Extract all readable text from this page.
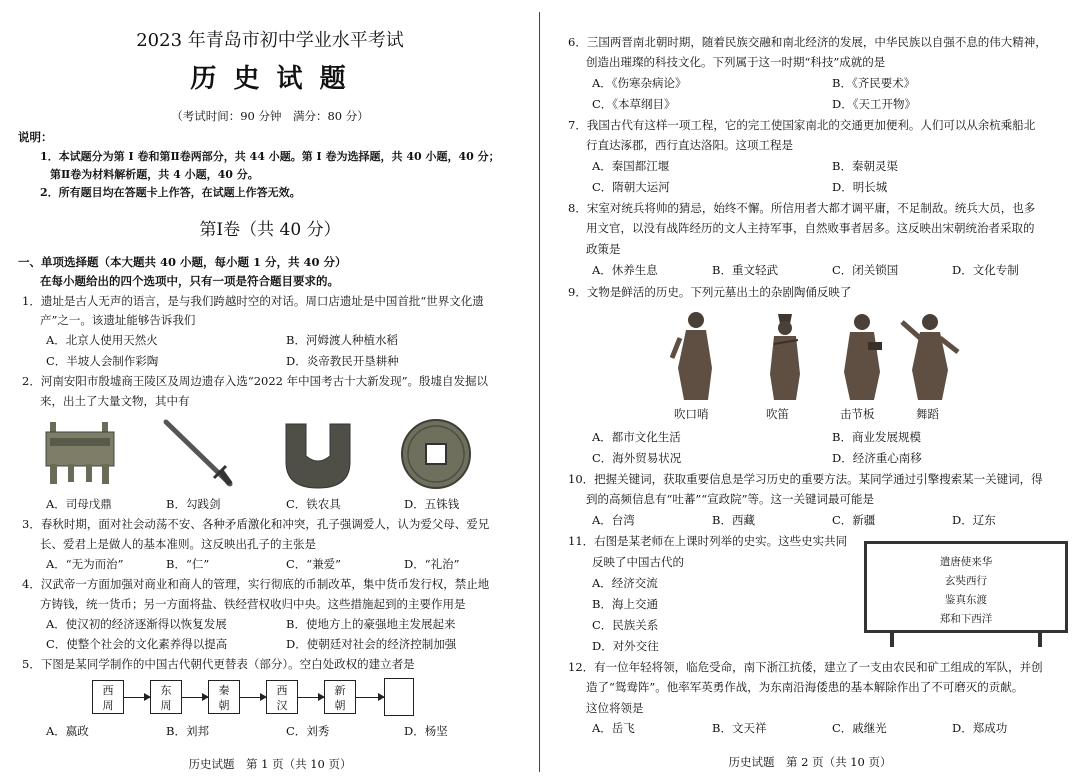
2023 年青岛市初中学业水平考试
历 史 试 题
（考试时间：90 分钟　满分：80 分）
说明：
1．本试题分为第 Ⅰ 卷和第Ⅱ卷两部分，共 44 小题。第 Ⅰ 卷为选择题，共 40 小题，40 分；
第Ⅱ卷为材料解析题，共 4 小题，40 分。
2．所有题目均在答题卡上作答，在试题上作答无效。
第Ⅰ卷（共 40 分）
一、单项选择题（本大题共 40 小题，每小题 1 分，共 40 分）
在每小题给出的四个选项中，只有一项是符合题目要求的。
1．遗址是古人无声的语言，是与我们跨越时空的对话。周口店遗址是中国首批“世界文化遗
产”之一。该遗址能够告诉我们
A．北京人使用天然火	B．河姆渡人种植水稻
C．半坡人会制作彩陶	D．炎帝教民开垦耕种
2．河南安阳市殷墟商王陵区及周边遗存入选“2022 年中国考古十大新发现”。殷墟自发掘以
来，出土了大量文物，其中有
A．司母戊鼎	B．勾践剑	C．铁农具	D．五铢钱
3．春秋时期，面对社会动荡不安、各种矛盾激化和冲突，孔子强调爱人，认为爱父母、爱兄
长、爱君上是做人的基本准则。这反映出孔子的主张是
A．“无为而治”	B．“仁”	C．“兼爱”	D．“礼治”
4．汉武帝一方面加强对商业和商人的管理，实行彻底的币制改革，集中货币发行权，禁止地
方铸钱，统一货币；另一方面将盐、铁经营权收归中央。这些措施起到的主要作用是
A．使汉初的经济逐渐得以恢复发展	B．使地方上的豪强地主发展起来
C．使整个社会的文化素养得以提高	D．使朝廷对社会的经济控制加强
5．下图是某同学制作的中国古代朝代更替表（部分）。空白处政权的建立者是
西
周
东
周
秦
朝
西
汉
新
朝
A．嬴政	B．刘邦	C．刘秀	D．杨坚
历史试题　第 1 页（共 10 页）
6．三国两晋南北朝时期，随着民族交融和南北经济的发展，中华民族以自强不息的伟大精神，
创造出璀璨的科技文化。下列属于这一时期“科技”成就的是
A．《伤寒杂病论》	B．《齐民要术》
C．《本草纲目》	D．《天工开物》
7．我国古代有这样一项工程，它的完工使国家南北的交通更加便利。人们可以从余杭乘船北
行直达涿郡，西行直达洛阳。这项工程是
A．秦国都江堰	B．秦朝灵渠
C．隋朝大运河	D．明长城
8．宋室对统兵将帅的猜忌，始终不懈。所信用者大都才调平庸，不足制敌。统兵大员，也多
用文官，以没有战阵经历的文人主持军事，自然败事者居多。这反映出宋朝统治者采取的
政策是
A．休养生息	B．重文轻武	C．闭关锁国	D．文化专制
9．文物是鲜活的历史。下列元墓出土的杂剧陶俑反映了
吹口哨	吹笛	击节板	舞蹈
A．都市文化生活	B．商业发展规模
C．海外贸易状况	D．经济重心南移
10．把握关键词，获取重要信息是学习历史的重要方法。某同学通过引擎搜索某一关键词，得
到的高频信息有“吐蕃”“宣政院”等。这一关键词最可能是
A．台湾	B．西藏	C．新疆	D．辽东
11．右图是某老师在上课时列举的史实。这些史实共同
反映了中国古代的
A．经济交流
B．海上交通
C．民族关系
D．对外交往
遣唐使来华
玄奘西行
鉴真东渡
郑和下西洋
12．有一位年轻将领，临危受命，南下浙江抗倭，建立了一支由农民和矿工组成的军队，并创
造了“鸳鸯阵”。他率军英勇作战，为东南沿海倭患的基本解除作出了不可磨灭的贡献。
这位将领是
A．岳飞	B．文天祥	C．戚继光	D．郑成功
历史试题　第 2 页（共 10 页）
